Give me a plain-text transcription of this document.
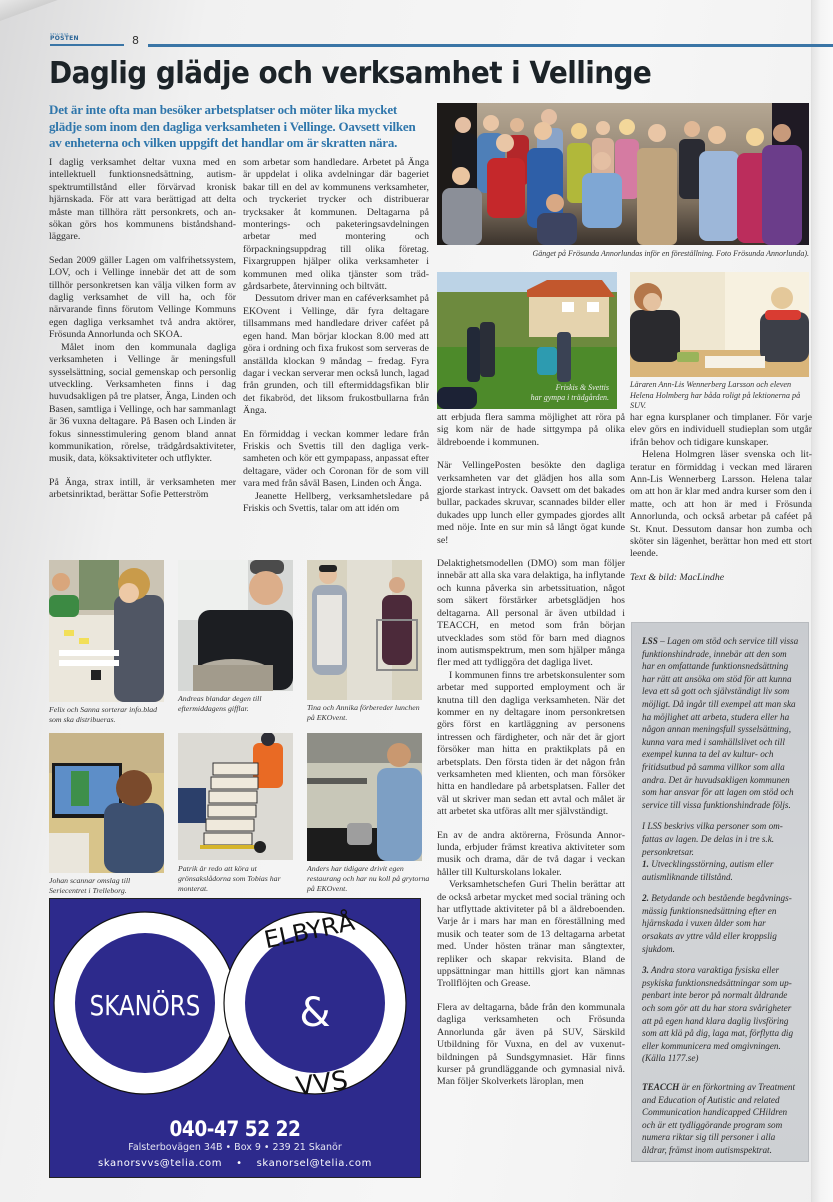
VELLINGE
POSTEN	8
Daglig glädje och verksamhet i Vellinge
Det är inte ofta man besöker arbetsplatser och möter lika mycket glädje som inom den dagliga verksamheten i Vellinge. Oavsett vilken av enheterna och vilken uppgift det handlar om är skratten nära.

I daglig verksamhet deltar vuxna med en intellektuell funktionsnedsättning, autismspektrumtillstånd eller förvärvad kronisk hjärnskada. För att vara berättigad att delta måste man tillhöra rätt personkrets, och ansökan görs hos kommunens biståndshandläggare.

Sedan 2009 gäller Lagen om valfrihetssystem, LOV, och i Vellinge innebär det att de som tillhör personkretsen kan välja vilken form av daglig verksamhet de vill ha, och för närvarande finns förutom Vellinge Kommuns egen dagliga verksamhet två andra aktörer, Frösunda Annorlunda och SKOA.

Målet inom den kommunala dagliga verksamheten i Vellinge är meningsfull sysselsättning, social gemenskap och personlig utveckling. Verksamheten finns i dag huvudsakligen på tre platser, Änga, Linden och Basen, samtliga i Vellinge, och har sammanlagt är 36 vuxna deltagare. På Basen och Linden är fokus sinnesstimulering genom bland annat kommunikation, rörelse, trädgårdsaktiviteter, musik, data, köksaktiviteter och utflykter.

På Änga, strax intill, är verksamheten mer arbetsinriktad, berättar Sofie Petterström

som arbetar som handledare. Arbetet på Änga är uppdelat i olika avdelningar där bageriet bakar till en del av kommunens verksamheter, och tryckeriet trycker och distribuerar trycksaker åt kommunen. Deltagarna på monterings- och paketeringsavdelningen arbetar med montering och förpackningsuppdrag till olika företag. Fixargruppen hjälper olika verksamheter i kommunen med olika tjänster som trädgårdsarbete, återvinning och biltvätt.

Dessutom driver man en caféverksamhet på EKOvent i Vellinge, där fyra deltagare tillsammans med handledare driver caféet på egen hand. Man börjar klockan 8.00 med att göra i ordning och fixa frukost som serveras de anställda klockan 9 måndag – fredag. Fyra dagar i veckan serverar men också lunch, lagad från grunden, och till eftermiddagsfikan blir det fikabröd, det liksom frukostbullarna från Änga.

En förmiddag i veckan kommer ledare från Friskis och Svettis till den dagliga verksamheten och kör ett gympapass, anpassat efter deltagare, väder och Coronan för de som vill vara med från såväl Basen, Linden och Änga.

Jeanette Hellberg, verksamhetsledare på Friskis och Svettis, talar om att idén om

Gänget på Frösunda Annorlundas inför en föreställning. Foto Frösunda Annorlunda).
Friskis & Svettis
har gympa i trädgården.
Läraren Ann-Lis Wennerberg Larsson och eleven Helena Holmberg har båda roligt på lektionerna på SUV.

att erbjuda flera samma möjlighet att röra på sig kom när de hade sittgympa på olika äldreboende i kommunen.

När VellingePosten besökte den dagliga verksamheten var det glädjen hos alla som gjorde starkast intryck. Oavsett om det bakades bullar, packades skruvar, scannades bilder eller dukades upp lunch eller gympades gjordes allt med nöje. Inte en sur min så långt ögat kunde se!

Delaktighetsmodellen (DMO) som man följer innebär att alla ska vara delaktiga, ha inflytande och kunna påverka sin arbetssituation, något som säkert förstärker arbetsglädjen hos deltagarna. All personal är även utbildad i TEACCH, en metod som från början utvecklades som stöd för barn med diagnos inom autismspektrum, men som hjälper många fler med att tydliggöra det dagliga livet.

I kommunen finns tre arbetskonsulenter som arbetar med supported employment och är knutna till den dagliga verksamheten. När det kommer en ny deltagare inom personkretsen görs först en kartläggning av personens intressen och färdigheter, och när det är gjort försöker man hitta en praktikplats på en arbetsplats. Den första tiden är det någon från verksamheten med klienten, och man försöker hitta en handledare på arbetsplatsen. Faller det väl ut skriver man sedan ett avtal och målet är att arbetet ska utföras allt mer självständigt.

En av de andra aktörerna, Frösunda Annorlunda, erbjuder främst kreativa aktiviteter som musik och drama, där de två dagar i veckan håller till Kulturskolans lokaler.

Verksamhetschefen Guri Thelin berättar att de också arbetar mycket med social träning och har utflyttade aktiviteter på bl a äldreboenden. Varje år i mars har man en föreställning med musik och teater som de 13 deltagarna arbetat med. Under hösten tränar man sångtexter, repliker och skapar rekvisita. Bland de uppsättningar man hittills gjort kan nämnas Trollflöjten och Grease.

Flera av deltagarna, både från den kommunala dagliga verksamheten och Frösunda Annorlunda går även på SUV, Särskild Utbildning för Vuxna, en del av vuxenutbildningen på Sundsgymnasiet. Här finns kurser på grundläggande och gymnasial nivå. Man följer Skolverkets läroplan, men

har egna kursplaner och timplaner. För varje elev görs en individuell studieplan som utgår ifrån behov och tidigare kunskaper.

Helena Holmgren läser svenska och litteratur en förmiddag i veckan med läraren Ann-Lis Wennerberg Larsson. Helena talar om att hon är klar med andra kurser som den i matte, och att hon är med i Frösunda Annorlunda, och också arbetar på caféet på St. Knut. Dessutom dansar hon zumba och sköter sin lägenhet, berättar hon med ett stort leende.

Text & bild: MacLindhe

Felix och Sanna sorterar info.blad som ska distribueras.
Andreas blandar degen till eftermiddagens gifflar.	Tina och Annika förbereder lunchen på EKOvent.
Johan scannar omslag till Seriecentret i Trelleborg.
Patrik är redo att köra ut grönsakslådorna som Tobias har monterat.
Anders har tidigare drivit egen restaurang och har nu koll på grytorna på EKOvent.

LSS – Lagen om stöd och service till vissa funktionshindrade, innebär att den som har en omfattande funktionsnedsättning har rätt att ansöka om stöd för att kunna leva ett så gott och självständigt liv som möjligt. Då ingår till exempel att man ska ha möjlighet att arbeta, studera eller ha någon annan meningsfull sysselsättning, kunna vara med i samhällslivet och till exempel kunna ta del av kultur- och fritidsutbud på samma villkor som alla andra. Det är huvudsakligen kommunen som har ansvar för att lagen om stöd och service till vissa funktionshindrade följs.

I LSS beskrivs vilka personer som omfattas av lagen. De delas in i tre s.k. personkretsar.

1. Utvecklingsstörning, autism eller autismliknande tillstånd.

2. Betydande och bestående begåvningsmässig funktionsnedsättning efter en hjärnskada i vuxen ålder som har orsakats av yttre våld eller kroppslig sjukdom.

3. Andra stora varaktiga fysiska eller psykiska funktionsnedsättningar som uppenbart inte beror på normalt åldrande och som gör att du har stora svårigheter att på egen hand klara daglig livsföring som att klä på dig, laga mat, förflytta dig eller kommunicera med omgivningen. (Källa 1177.se)

TEACCH är en förkortning av Treatment and Education of Autistic and related Communication handicapped CHildren och är ett tydliggörande program som numera riktar sig till personer i alla åldrar, främst inom autismspektrat.

SKANÖRS &
ELBYRÅ
VVS
040-47 52 22
Falsterbovägen 34B • Box 9 • 239 21 Skanör
skanorsvvs@telia.com • skanorsel@telia.com
